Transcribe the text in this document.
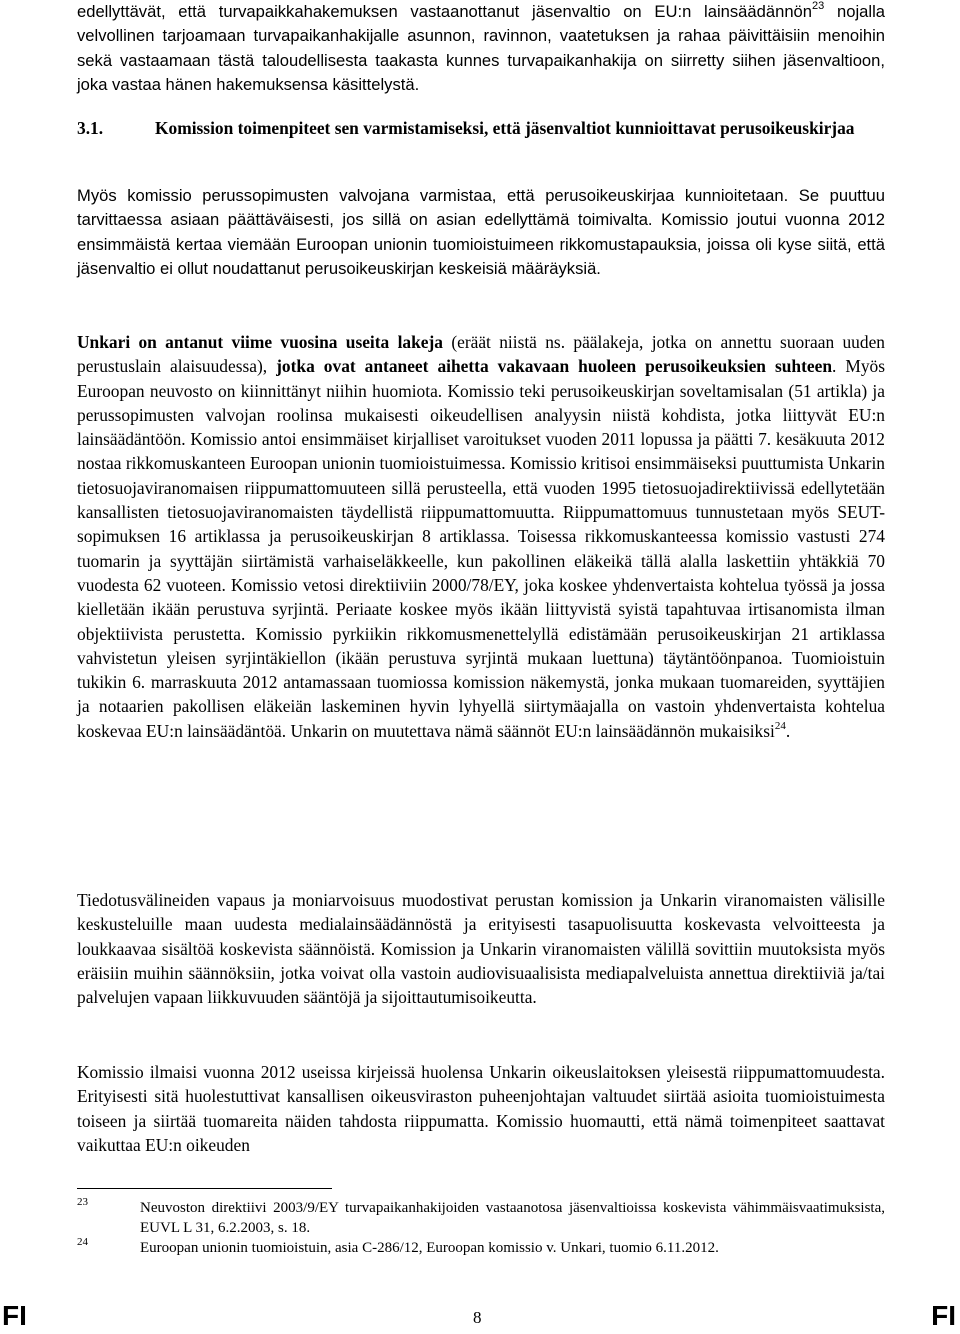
edellyttävät, että turvapaikkahakemuksen vastaanottanut jäsenvaltio on EU:n lainsäädännön$^{23}$ nojalla velvollinen tarjoamaan turvapaikanhakijalle asunnon, ravinnon, vaatetuksen ja rahaa päivittäisiin menoihin sekä vastaamaan tästä taloudellisesta taakasta kunnes turvapaikanhakija on siirretty siihen jäsenvaltioon, joka vastaa hänen hakemuksensa käsittelystä.

3.1.	Komission toimenpiteet sen varmistamiseksi, että jäsenvaltiot kunnioittavat perusoikeuskirjaa

Myös komissio perussopimusten valvojana varmistaa, että perusoikeuskirjaa kunnioitetaan. Se puuttuu tarvittaessa asiaan päättäväisesti, jos sillä on asian edellyttämä toimivalta. Komissio joutui vuonna 2012 ensimmäistä kertaa viemään Euroopan unionin tuomioistuimeen rikkomustapauksia, joissa oli kyse siitä, että jäsenvaltio ei ollut noudattanut perusoikeuskirjan keskeisiä määräyksiä.

Unkari on antanut viime vuosina useita lakeja (eräät niistä ns. päälakeja, jotka on annettu suoraan uuden perustuslain alaisuudessa), jotka ovat antaneet aihetta vakavaan huoleen perusoikeuksien suhteen. Myös Euroopan neuvosto on kiinnittänyt niihin huomiota. Komissio teki perusoikeuskirjan soveltamisalan (51 artikla) ja perussopimusten valvojan roolinsa mukaisesti oikeudellisen analyysin niistä kohdista, jotka liittyvät EU:n lainsäädäntöön. Komissio antoi ensimmäiset kirjalliset varoitukset vuoden 2011 lopussa ja päätti 7. kesäkuuta 2012 nostaa rikkomuskanteen Euroopan unionin tuomioistuimessa. Komissio kritisoi ensimmäiseksi puuttumista Unkarin tietosuojaviranomaisen riippumattomuuteen sillä perusteella, että vuoden 1995 tietosuojadirektiivissä edellytetään kansallisten tietosuojaviranomaisten täydellistä riippumattomuutta. Riippumattomuus tunnustetaan myös SEUT-sopimuksen 16 artiklassa ja perusoikeuskirjan 8 artiklassa. Toisessa rikkomuskanteessa komissio vastusti 274 tuomarin ja syyttäjän siirtämistä varhaiseläkkeelle, kun pakollinen eläkeikä tällä alalla laskettiin yhtäkkiä 70 vuodesta 62 vuoteen. Komissio vetosi direktiiviin 2000/78/EY, joka koskee yhdenvertaista kohtelua työssä ja jossa kielletään ikään perustuva syrjintä. Periaate koskee myös ikään liittyvistä syistä tapahtuvaa irtisanomista ilman objektiivista perustetta. Komissio pyrkiikin rikkomusmenettelyllä edistämään perusoikeuskirjan 21 artiklassa vahvistetun yleisen syrjintäkiellon (ikään perustuva syrjintä mukaan luettuna) täytäntöönpanoa. Tuomioistuin tukikin 6. marraskuuta 2012 antamassaan tuomiossa komission näkemystä, jonka mukaan tuomareiden, syyttäjien ja notaarien pakollisen eläkeiän laskeminen hyvin lyhyellä siirtymäajalla on vastoin yhdenvertaista kohtelua koskevaa EU:n lainsäädäntöä. Unkarin on muutettava nämä säännöt EU:n lainsäädännön mukaisiksi$^{24}$.

Tiedotusvälineiden vapaus ja moniarvoisuus muodostivat perustan komission ja Unkarin viranomaisten välisille keskusteluille maan uudesta medialainsäädännöstä ja erityisesti tasapuolisuutta koskevasta velvoitteesta ja loukkaavaa sisältöä koskevista säännöistä. Komission ja Unkarin viranomaisten välillä sovittiin muutoksista myös eräisiin muihin säännöksiin, jotka voivat olla vastoin audiovisuaalisista mediapalveluista annettua direktiiviä ja/tai palvelujen vapaan liikkuvuuden sääntöjä ja sijoittautumisoikeutta.

Komissio ilmaisi vuonna 2012 useissa kirjeissä huolensa Unkarin oikeuslaitoksen yleisestä riippumattomuudesta. Erityisesti sitä huolestuttivat kansallisen oikeusviraston puheenjohtajan valtuudet siirtää asioita tuomioistuimesta toiseen ja siirtää tuomareita näiden tahdosta riippumatta. Komissio huomautti, että nämä toimenpiteet saattavat vaikuttaa EU:n oikeuden

23	Neuvoston direktiivi 2003/9/EY turvapaikanhakijoiden vastaanotosa jäsenvaltioissa koskevista vähimmäisvaatimuksista, EUVL L 31, 6.2.2003, s. 18.
24	Euroopan unionin tuomioistuin, asia C-286/12, Euroopan komissio v. Unkari, tuomio 6.11.2012.
FI	8	FI
